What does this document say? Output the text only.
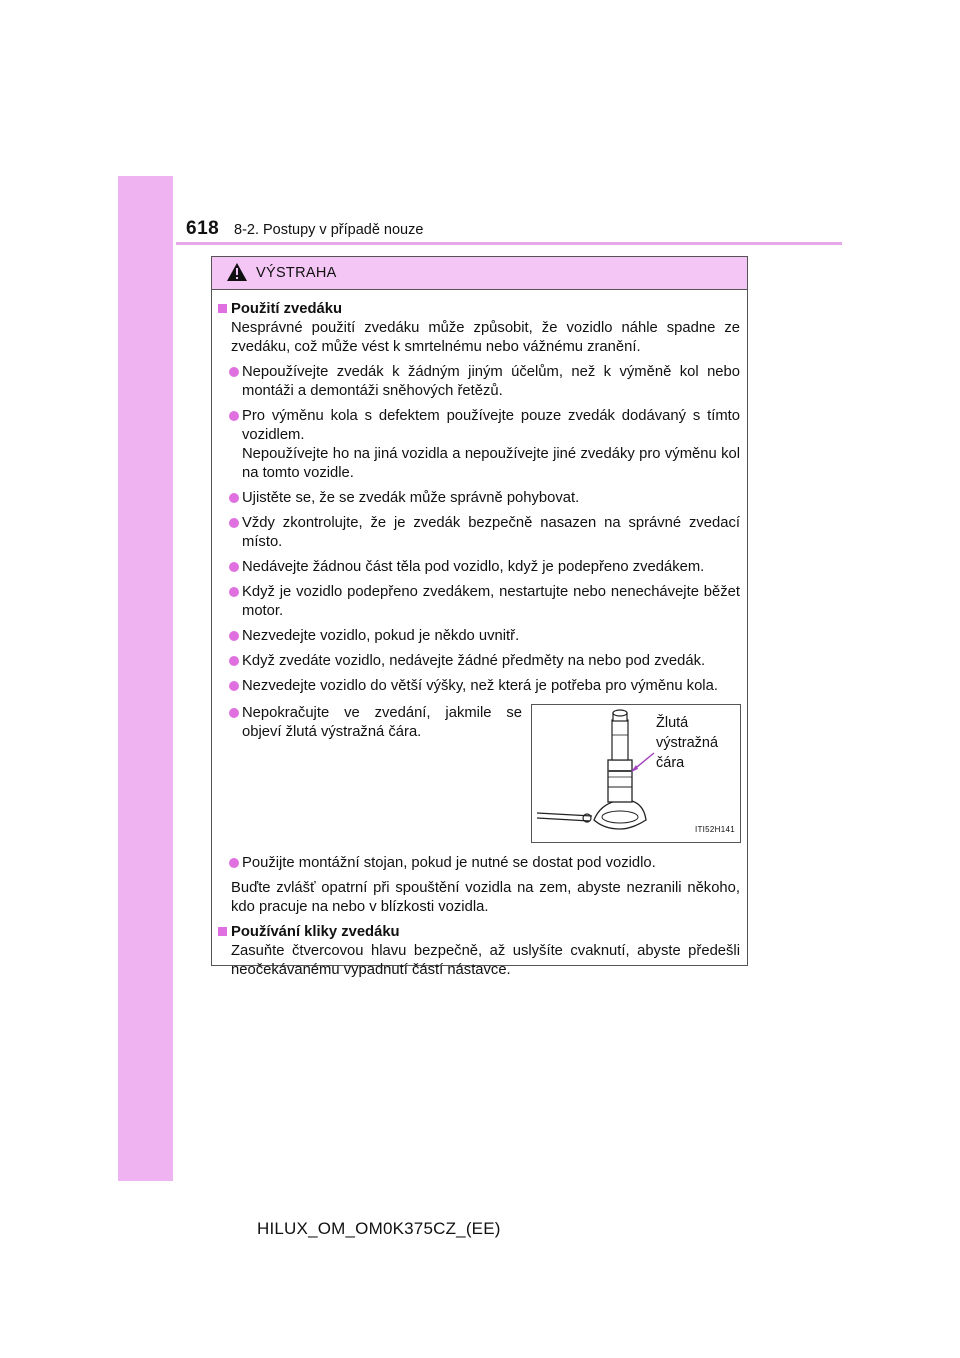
618 8-2. Postupy v případě nouze
VÝSTRAHA
Použití zvedáku
Nesprávné použití zvedáku může způsobit, že vozidlo náhle spadne ze zvedáku, což může vést k smrtelnému nebo vážnému zranění.
Nepoužívejte zvedák k žádným jiným účelům, než k výměně kol nebo montáži a demontáži sněhových řetězů.
Pro výměnu kola s defektem používejte pouze zvedák dodávaný s tímto vozidlem.
Nepoužívejte ho na jiná vozidla a nepoužívejte jiné zvedáky pro výměnu kol na tomto vozidle.
Ujistěte se, že se zvedák může správně pohybovat.
Vždy zkontrolujte, že je zvedák bezpečně nasazen na správné zvedací místo.
Nedávejte žádnou část těla pod vozidlo, když je podepřeno zvedákem.
Když je vozidlo podepřeno zvedákem, nestartujte nebo nenechávejte běžet motor.
Nezvedejte vozidlo, pokud je někdo uvnitř.
Když zvedáte vozidlo, nedávejte žádné předměty na nebo pod zvedák.
Nezvedejte vozidlo do větší výšky, než která je potřeba pro výměnu kola.
Nepokračujte ve zvedání, jakmile se objeví žlutá výstražná čára.
Žlutá
výstražná
čára
ITI52H141
Použijte montážní stojan, pokud je nutné se dostat pod vozidlo.
Buďte zvlášť opatrní při spouštění vozidla na zem, abyste nezranili někoho, kdo pracuje na nebo v blízkosti vozidla.
Používání kliky zvedáku
Zasuňte čtvercovou hlavu bezpečně, až uslyšíte cvaknutí, abyste předešli neočekávanému vypadnutí částí nástavce.
HILUX_OM_OM0K375CZ_(EE)
